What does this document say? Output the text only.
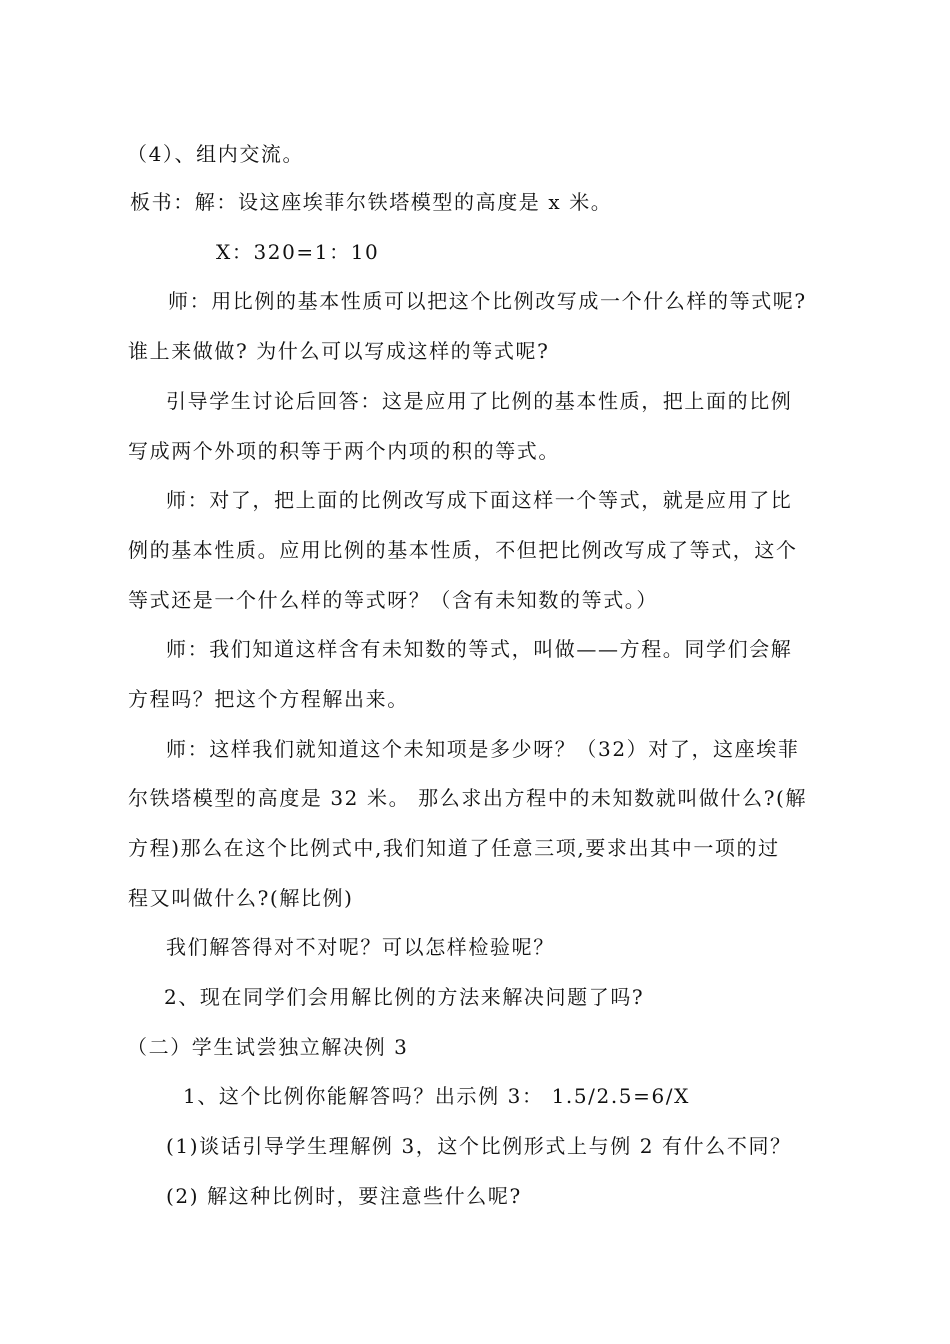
（4）、组内交流。
板书：解：设这座埃菲尔铁塔模型的高度是 x 米。
X：320=1：10
师：用比例的基本性质可以把这个比例改写成一个什么样的等式呢?
谁上来做做? 为什么可以写成这样的等式呢?
引导学生讨论后回答：这是应用了比例的基本性质，把上面的比例
写成两个外项的积等于两个内项的积的等式。
师：对了，把上面的比例改写成下面这样一个等式，就是应用了比
例的基本性质。应用比例的基本性质，不但把比例改写成了等式，这个
等式还是一个什么样的等式呀？（含有未知数的等式。）
师：我们知道这样含有未知数的等式，叫做——方程。同学们会解
方程吗？把这个方程解出来。
师：这样我们就知道这个未知项是多少呀？（32）对了，这座埃菲
尔铁塔模型的高度是 32 米。 那么求出方程中的未知数就叫做什么?(解
方程)那么在这个比例式中,我们知道了任意三项,要求出其中一项的过
程又叫做什么?(解比例)
我们解答得对不对呢？可以怎样检验呢？
2、现在同学们会用解比例的方法来解决问题了吗?
（二）学生试尝独立解决例 3
1、这个比例你能解答吗？出示例 3： 1.5/2.5=6/X
(1)谈话引导学生理解例 3，这个比例形式上与例 2 有什么不同？
(2) 解这种比例时，要注意些什么呢?
